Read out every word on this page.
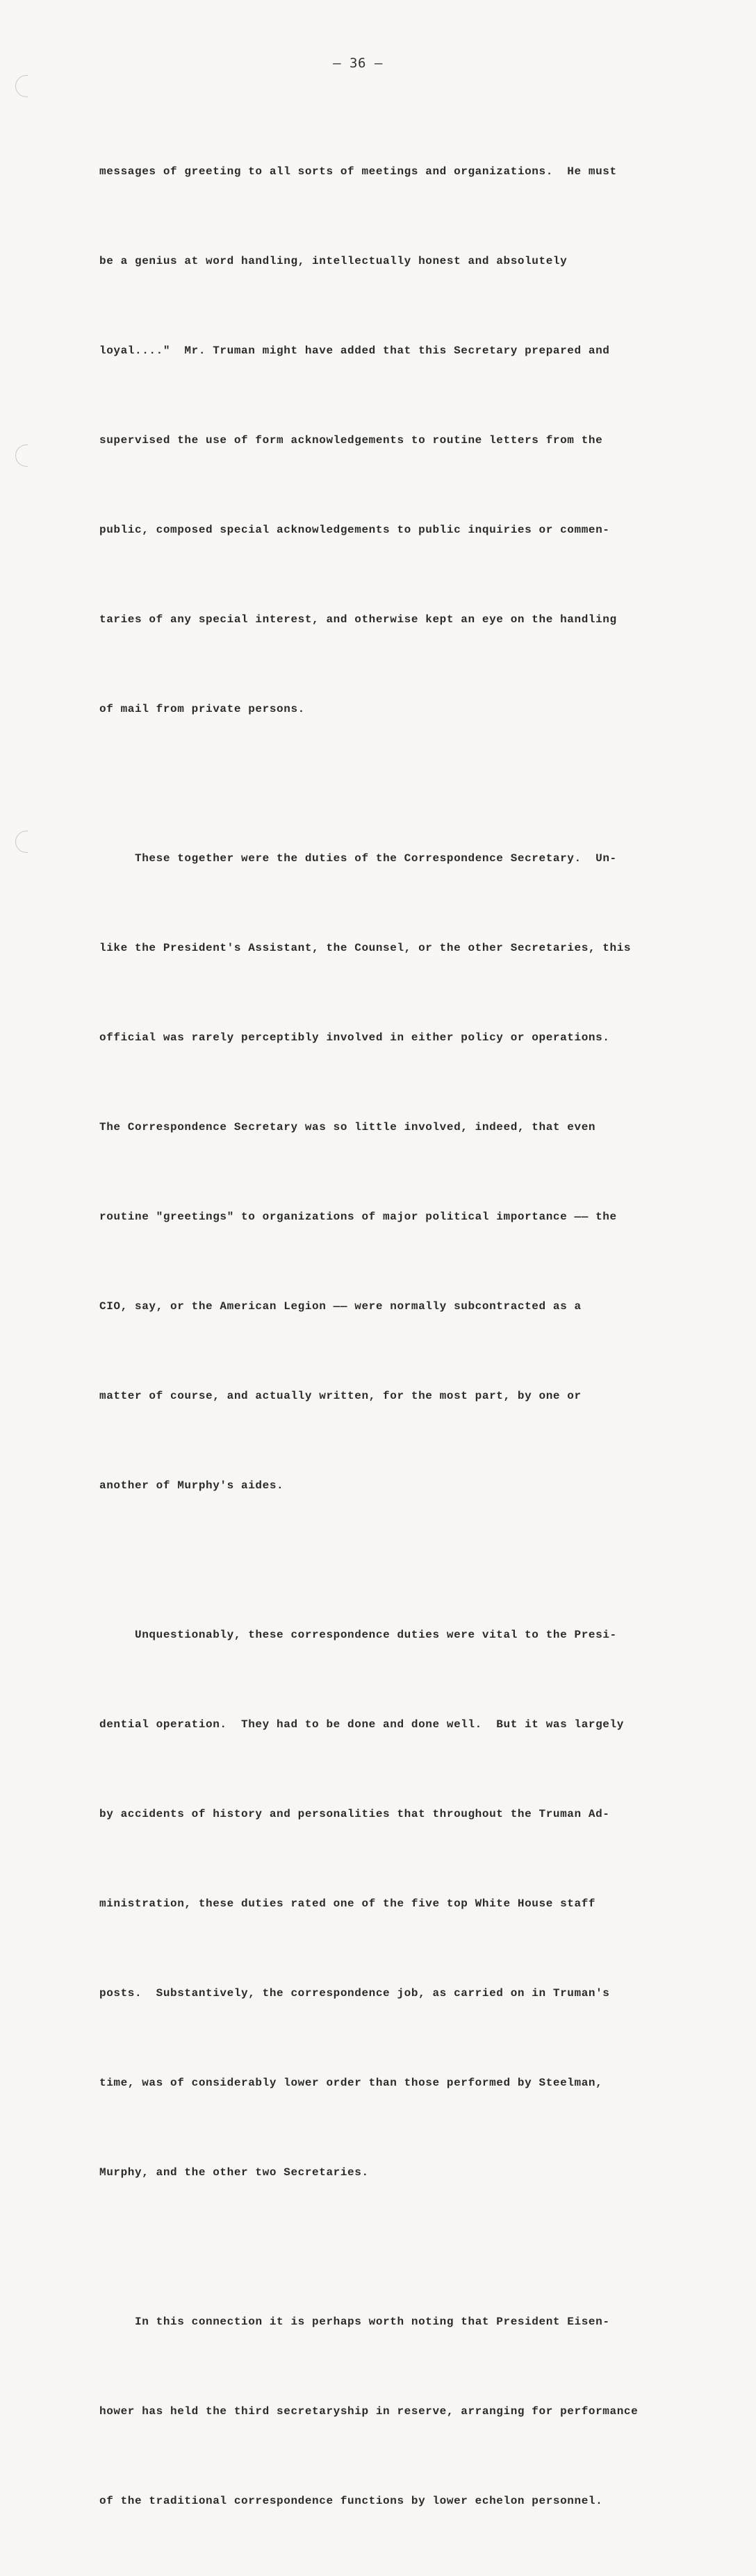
— 36 —

messages of greeting to all sorts of meetings and organizations.  He must

be a genius at word handling, intellectually honest and absolutely

loyal...."  Mr. Truman might have added that this Secretary prepared and

supervised the use of form acknowledgements to routine letters from the

public, composed special acknowledgements to public inquiries or commen-

taries of any special interest, and otherwise kept an eye on the handling

of mail from private persons.

These together were the duties of the Correspondence Secretary.  Un-

like the President's Assistant, the Counsel, or the other Secretaries, this

official was rarely perceptibly involved in either policy or operations.

The Correspondence Secretary was so little involved, indeed, that even

routine "greetings" to organizations of major political importance —— the

CIO, say, or the American Legion —— were normally subcontracted as a

matter of course, and actually written, for the most part, by one or

another of Murphy's aides.

Unquestionably, these correspondence duties were vital to the Presi-

dential operation.  They had to be done and done well.  But it was largely

by accidents of history and personalities that throughout the Truman Ad-

ministration, these duties rated one of the five top White House staff

posts.  Substantively, the correspondence job, as carried on in Truman's

time, was of considerably lower order than those performed by Steelman,

Murphy, and the other two Secretaries.

In this connection it is perhaps worth noting that President Eisen-

hower has held the third secretaryship in reserve, arranging for performance

of the traditional correspondence functions by lower echelon personnel.
